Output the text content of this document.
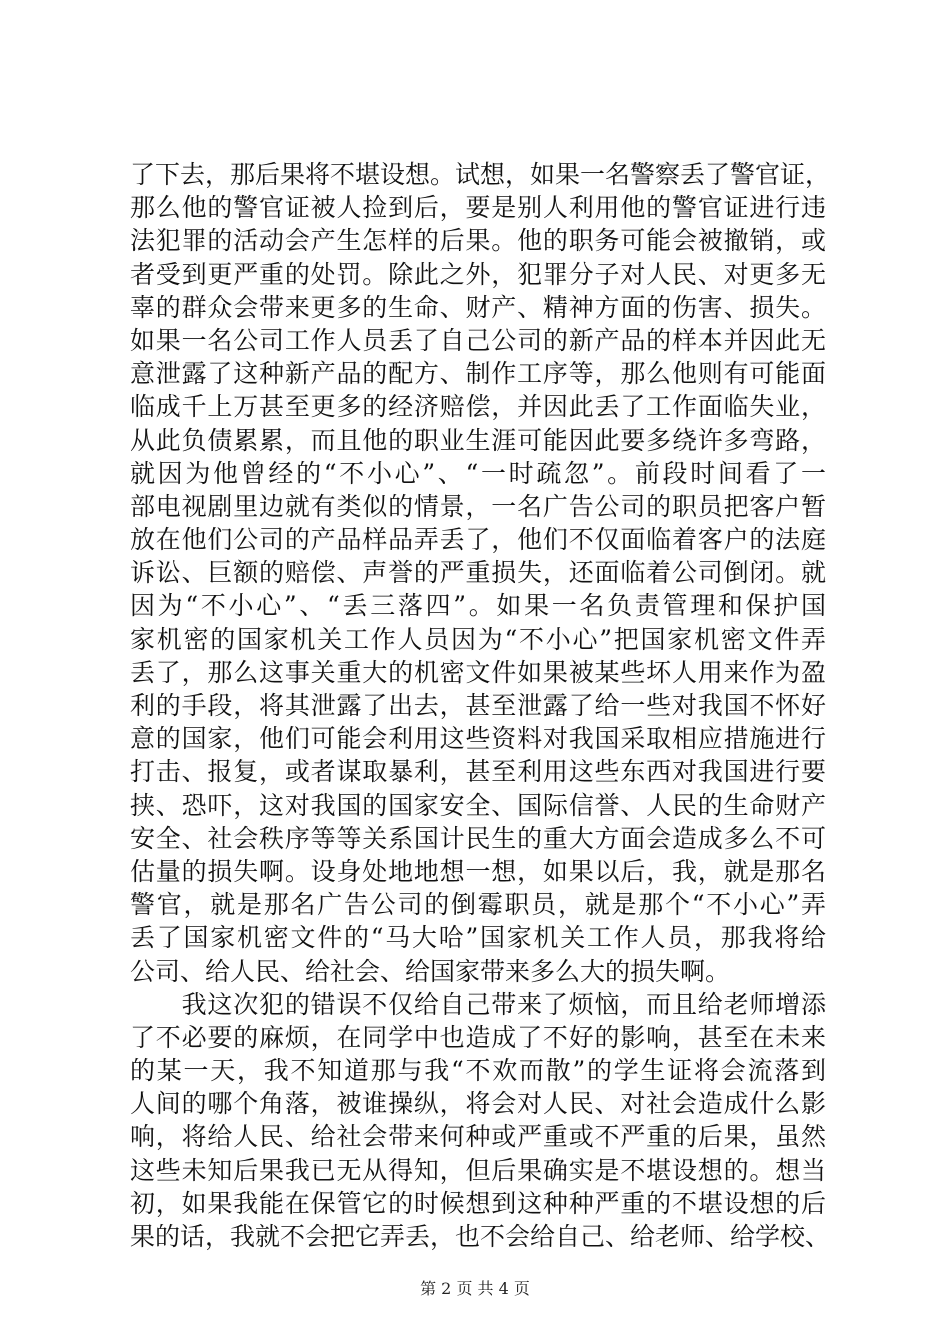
了下去，那后果将不堪设想。试想，如果一名警察丢了警官证，
那么他的警官证被人捡到后，要是别人利用他的警官证进行违
法犯罪的活动会产生怎样的后果。他的职务可能会被撤销，或
者受到更严重的处罚。除此之外，犯罪分子对人民、对更多无
辜的群众会带来更多的生命、财产、精神方面的伤害、损失。
如果一名公司工作人员丢了自己公司的新产品的样本并因此无
意泄露了这种新产品的配方、制作工序等，那么他则有可能面
临成千上万甚至更多的经济赔偿，并因此丢了工作面临失业，
从此负债累累，而且他的职业生涯可能因此要多绕许多弯路，
就因为他曾经的“不小心”、“一时疏忽”。前段时间看了一
部电视剧里边就有类似的情景，一名广告公司的职员把客户暂
放在他们公司的产品样品弄丢了，他们不仅面临着客户的法庭
诉讼、巨额的赔偿、声誉的严重损失，还面临着公司倒闭。就
因为“不小心”、“丢三落四”。如果一名负责管理和保护国
家机密的国家机关工作人员因为“不小心”把国家机密文件弄
丢了，那么这事关重大的机密文件如果被某些坏人用来作为盈
利的手段，将其泄露了出去，甚至泄露了给一些对我国不怀好
意的国家，他们可能会利用这些资料对我国采取相应措施进行
打击、报复，或者谋取暴利，甚至利用这些东西对我国进行要
挟、恐吓，这对我国的国家安全、国际信誉、人民的生命财产
安全、社会秩序等等关系国计民生的重大方面会造成多么不可
估量的损失啊。设身处地地想一想，如果以后，我，就是那名
警官，就是那名广告公司的倒霉职员，就是那个“不小心”弄
丢了国家机密文件的“马大哈”国家机关工作人员，那我将给
公司、给人民、给社会、给国家带来多么大的损失啊。
　　我这次犯的错误不仅给自己带来了烦恼，而且给老师增添
了不必要的麻烦，在同学中也造成了不好的影响，甚至在未来
的某一天，我不知道那与我“不欢而散”的学生证将会流落到
人间的哪个角落，被谁操纵，将会对人民、对社会造成什么影
响，将给人民、给社会带来何种或严重或不严重的后果，虽然
这些未知后果我已无从得知，但后果确实是不堪设想的。想当
初，如果我能在保管它的时候想到这种种严重的不堪设想的后
果的话，我就不会把它弄丢，也不会给自己、给老师、给学校、
第 2 页 共 4 页
